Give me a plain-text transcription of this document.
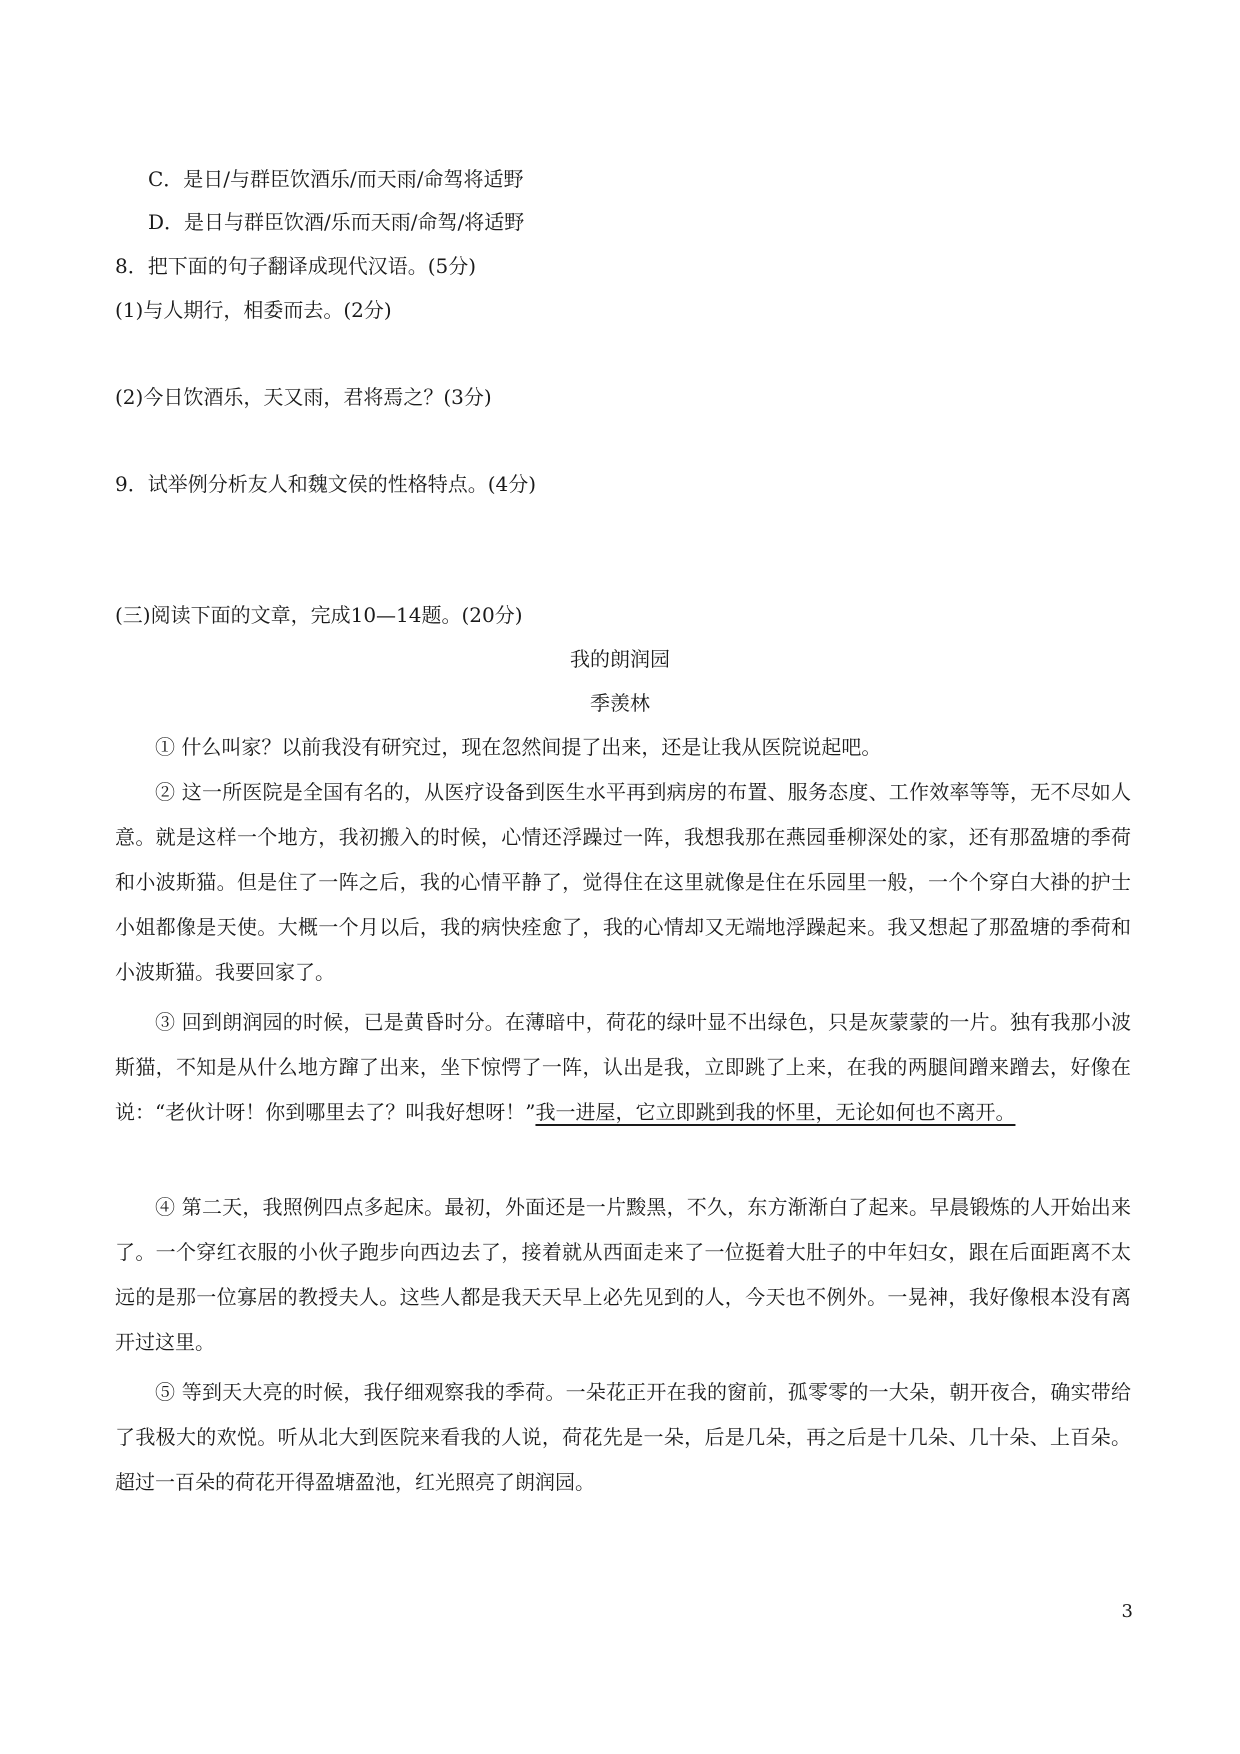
C．是日/与群臣饮酒乐/而天雨/命驾将适野
D．是日与群臣饮酒/乐而天雨/命驾/将适野
8．把下面的句子翻译成现代汉语。(5分)
(1)与人期行，相委而去。(2分)
(2)今日饮酒乐，天又雨，君将焉之？(3分)
9．试举例分析友人和魏文侯的性格特点。(4分)
(三)阅读下面的文章，完成10—14题。(20分)
我的朗润园
季羡林

① 什么叫家？以前我没有研究过，现在忽然间提了出来，还是让我从医院说起吧。

② 这一所医院是全国有名的，从医疗设备到医生水平再到病房的布置、服务态度、工作效率等等，无不尽如人意。就是这样一个地方，我初搬入的时候，心情还浮躁过一阵，我想我那在燕园垂柳深处的家，还有那盈塘的季荷和小波斯猫。但是住了一阵之后，我的心情平静了，觉得住在这里就像是住在乐园里一般，一个个穿白大褂的护士小姐都像是天使。大概一个月以后，我的病快痊愈了，我的心情却又无端地浮躁起来。我又想起了那盈塘的季荷和小波斯猫。我要回家了。

③ 回到朗润园的时候，已是黄昏时分。在薄暗中，荷花的绿叶显不出绿色，只是灰蒙蒙的一片。独有我那小波斯猫，不知是从什么地方蹿了出来，坐下惊愕了一阵，认出是我，立即跳了上来，在我的两腿间蹭来蹭去，好像在说：“老伙计呀！你到哪里去了？叫我好想呀！”我一进屋，它立即跳到我的怀里，无论如何也不离开。

④ 第二天，我照例四点多起床。最初，外面还是一片黢黑，不久，东方渐渐白了起来。早晨锻炼的人开始出来了。一个穿红衣服的小伙子跑步向西边去了，接着就从西面走来了一位挺着大肚子的中年妇女，跟在后面距离不太远的是那一位寡居的教授夫人。这些人都是我天天早上必先见到的人，今天也不例外。一晃神，我好像根本没有离开过这里。

⑤ 等到天大亮的时候，我仔细观察我的季荷。一朵花正开在我的窗前，孤零零的一大朵，朝开夜合，确实带给了我极大的欢悦。听从北大到医院来看我的人说，荷花先是一朵，后是几朵，再之后是十几朵、几十朵、上百朵。超过一百朵的荷花开得盈塘盈池，红光照亮了朗润园。

3
